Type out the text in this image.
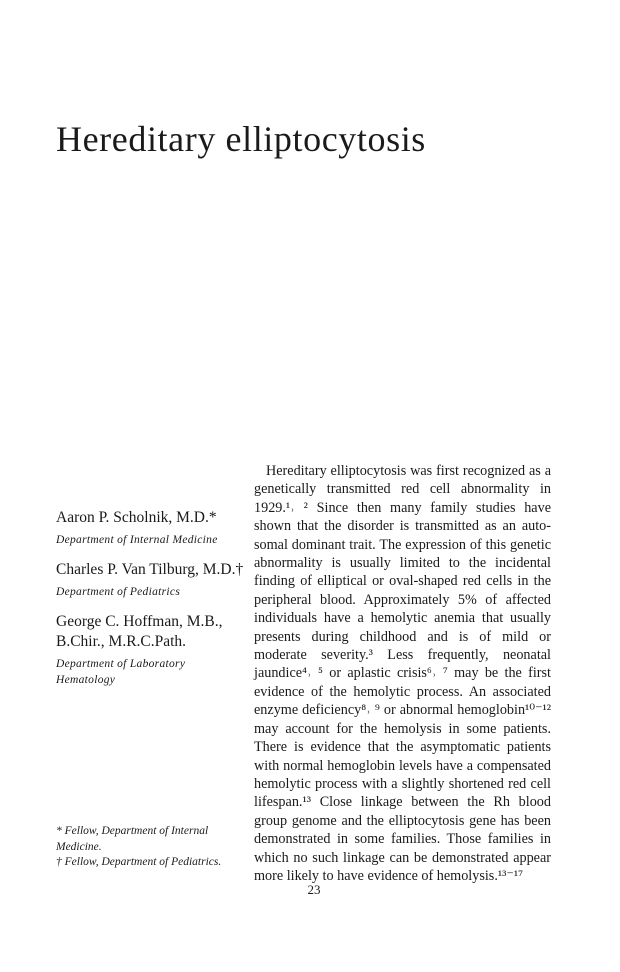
Hereditary elliptocytosis

Aaron P. Scholnik, M.D.*

Department of Internal Medicine

Charles P. Van Tilburg, M.D.†

Department of Pediatrics

George C. Hoffman, M.B., B.Chir., M.R.C.Path.

Department of Laboratory Hematology

* Fellow, Department of Internal Medicine.

† Fellow, Department of Pediatrics.

Hereditary elliptocytosis was first recognized as a genetically transmitted red cell abnormality in 1929.¹˒ ² Since then many family studies have shown that the disorder is transmitted as an autosomal dominant trait. The expression of this genetic abnormality is usually limited to the incidental finding of elliptical or oval-shaped red cells in the peripheral blood. Approximately 5% of affected individuals have a hemolytic anemia that usually presents during childhood and is of mild or moderate severity.³ Less frequently, neonatal jaundice⁴˒ ⁵ or aplastic crisis⁶˒ ⁷ may be the first evidence of the hemolytic process. An associated enzyme deficiency⁸˒ ⁹ or abnormal hemoglobin¹⁰⁻¹² may account for the hemolysis in some patients. There is evidence that the asymptomatic patients with normal hemoglobin levels have a compensated hemolytic process with a slightly shortened red cell lifespan.¹³ Close linkage between the Rh blood group genome and the elliptocytosis gene has been demonstrated in some families. Those families in which no such linkage can be demonstrated appear more likely to have evidence of hemolysis.¹³⁻¹⁷

23
